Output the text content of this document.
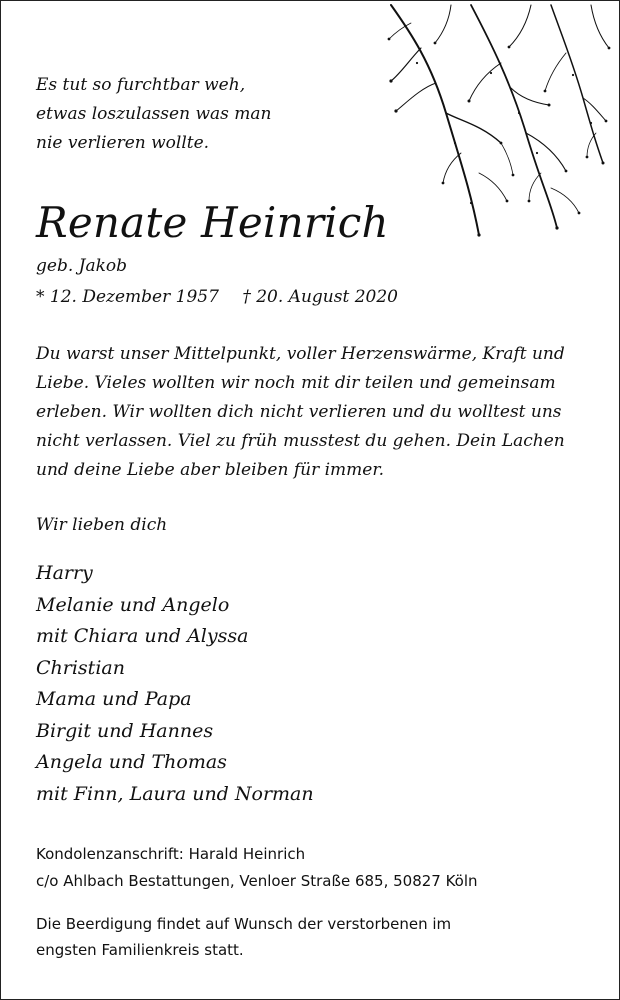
Es tut so furchtbar weh,
etwas loszulassen was man
nie verlieren wollte.
Renate Heinrich
geb. Jakob
* 12. Dezember 1957 † 20. August 2020
Du warst unser Mittelpunkt, voller Herzenswärme, Kraft und
Liebe. Vieles wollten wir noch mit dir teilen und gemeinsam
erleben. Wir wollten dich nicht verlieren und du wolltest uns
nicht verlassen. Viel zu früh musstest du gehen. Dein Lachen
und deine Liebe aber bleiben für immer.
Wir lieben dich
Harry
Melanie und Angelo
mit Chiara und Alyssa
Christian
Mama und Papa
Birgit und Hannes
Angela und Thomas
mit Finn, Laura und Norman
Kondolenzanschrift: Harald Heinrich
c/o Ahlbach Bestattungen, Venloer Straße 685, 50827 Köln
Die Beerdigung findet auf Wunsch der verstorbenen im
engsten Familienkreis statt.
